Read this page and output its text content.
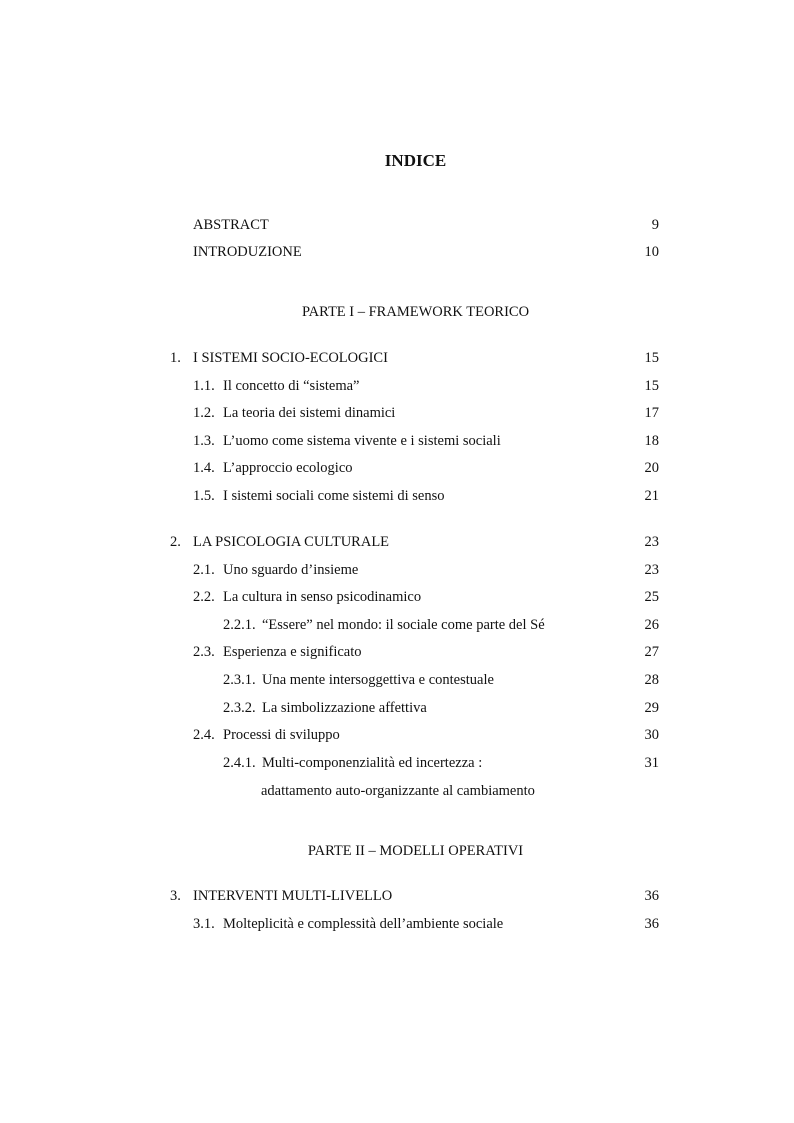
INDICE
ABSTRACT	9
INTRODUZIONE	10
PARTE I – FRAMEWORK TEORICO
1. I SISTEMI SOCIO-ECOLOGICI	15
1.1. Il concetto di “sistema”	15
1.2. La teoria dei sistemi dinamici	17
1.3. L’uomo come sistema vivente e i sistemi sociali	18
1.4. L’approccio ecologico	20
1.5. I sistemi sociali come sistemi di senso	21
2. LA PSICOLOGIA CULTURALE	23
2.1. Uno sguardo d’insieme	23
2.2. La cultura in senso psicodinamico	25
2.2.1. “Essere” nel mondo: il sociale come parte del Sé	26
2.3. Esperienza e significato	27
2.3.1. Una mente intersoggettiva e contestuale	28
2.3.2. La simbolizzazione affettiva	29
2.4. Processi di sviluppo	30
2.4.1. Multi-componenzialità ed incertezza :	31
adattamento auto-organizzante al cambiamento
PARTE II – MODELLI OPERATIVI
3. INTERVENTI MULTI-LIVELLO	36
3.1. Molteplicità e complessità dell’ambiente sociale	36
